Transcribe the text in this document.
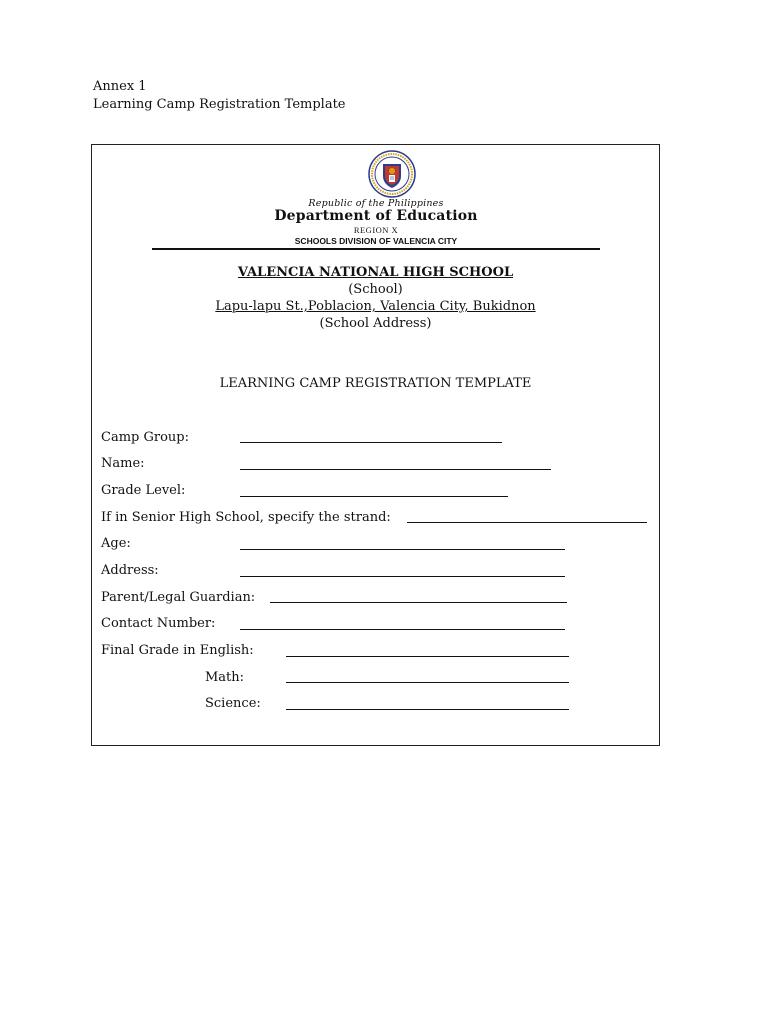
Annex 1
Learning Camp Registration Template
Republic of the Philippines
Department of Education
REGION X
SCHOOLS DIVISION OF VALENCIA CITY
VALENCIA NATIONAL HIGH SCHOOL
(School)
Lapu-lapu St.,Poblacion, Valencia City, Bukidnon
(School Address)
LEARNING CAMP REGISTRATION TEMPLATE
Camp Group:
Name:
Grade Level:
If in Senior High School, specify the strand:
Age:
Address:
Parent/Legal Guardian:
Contact Number:
Final Grade in English:
Math:
Science:
